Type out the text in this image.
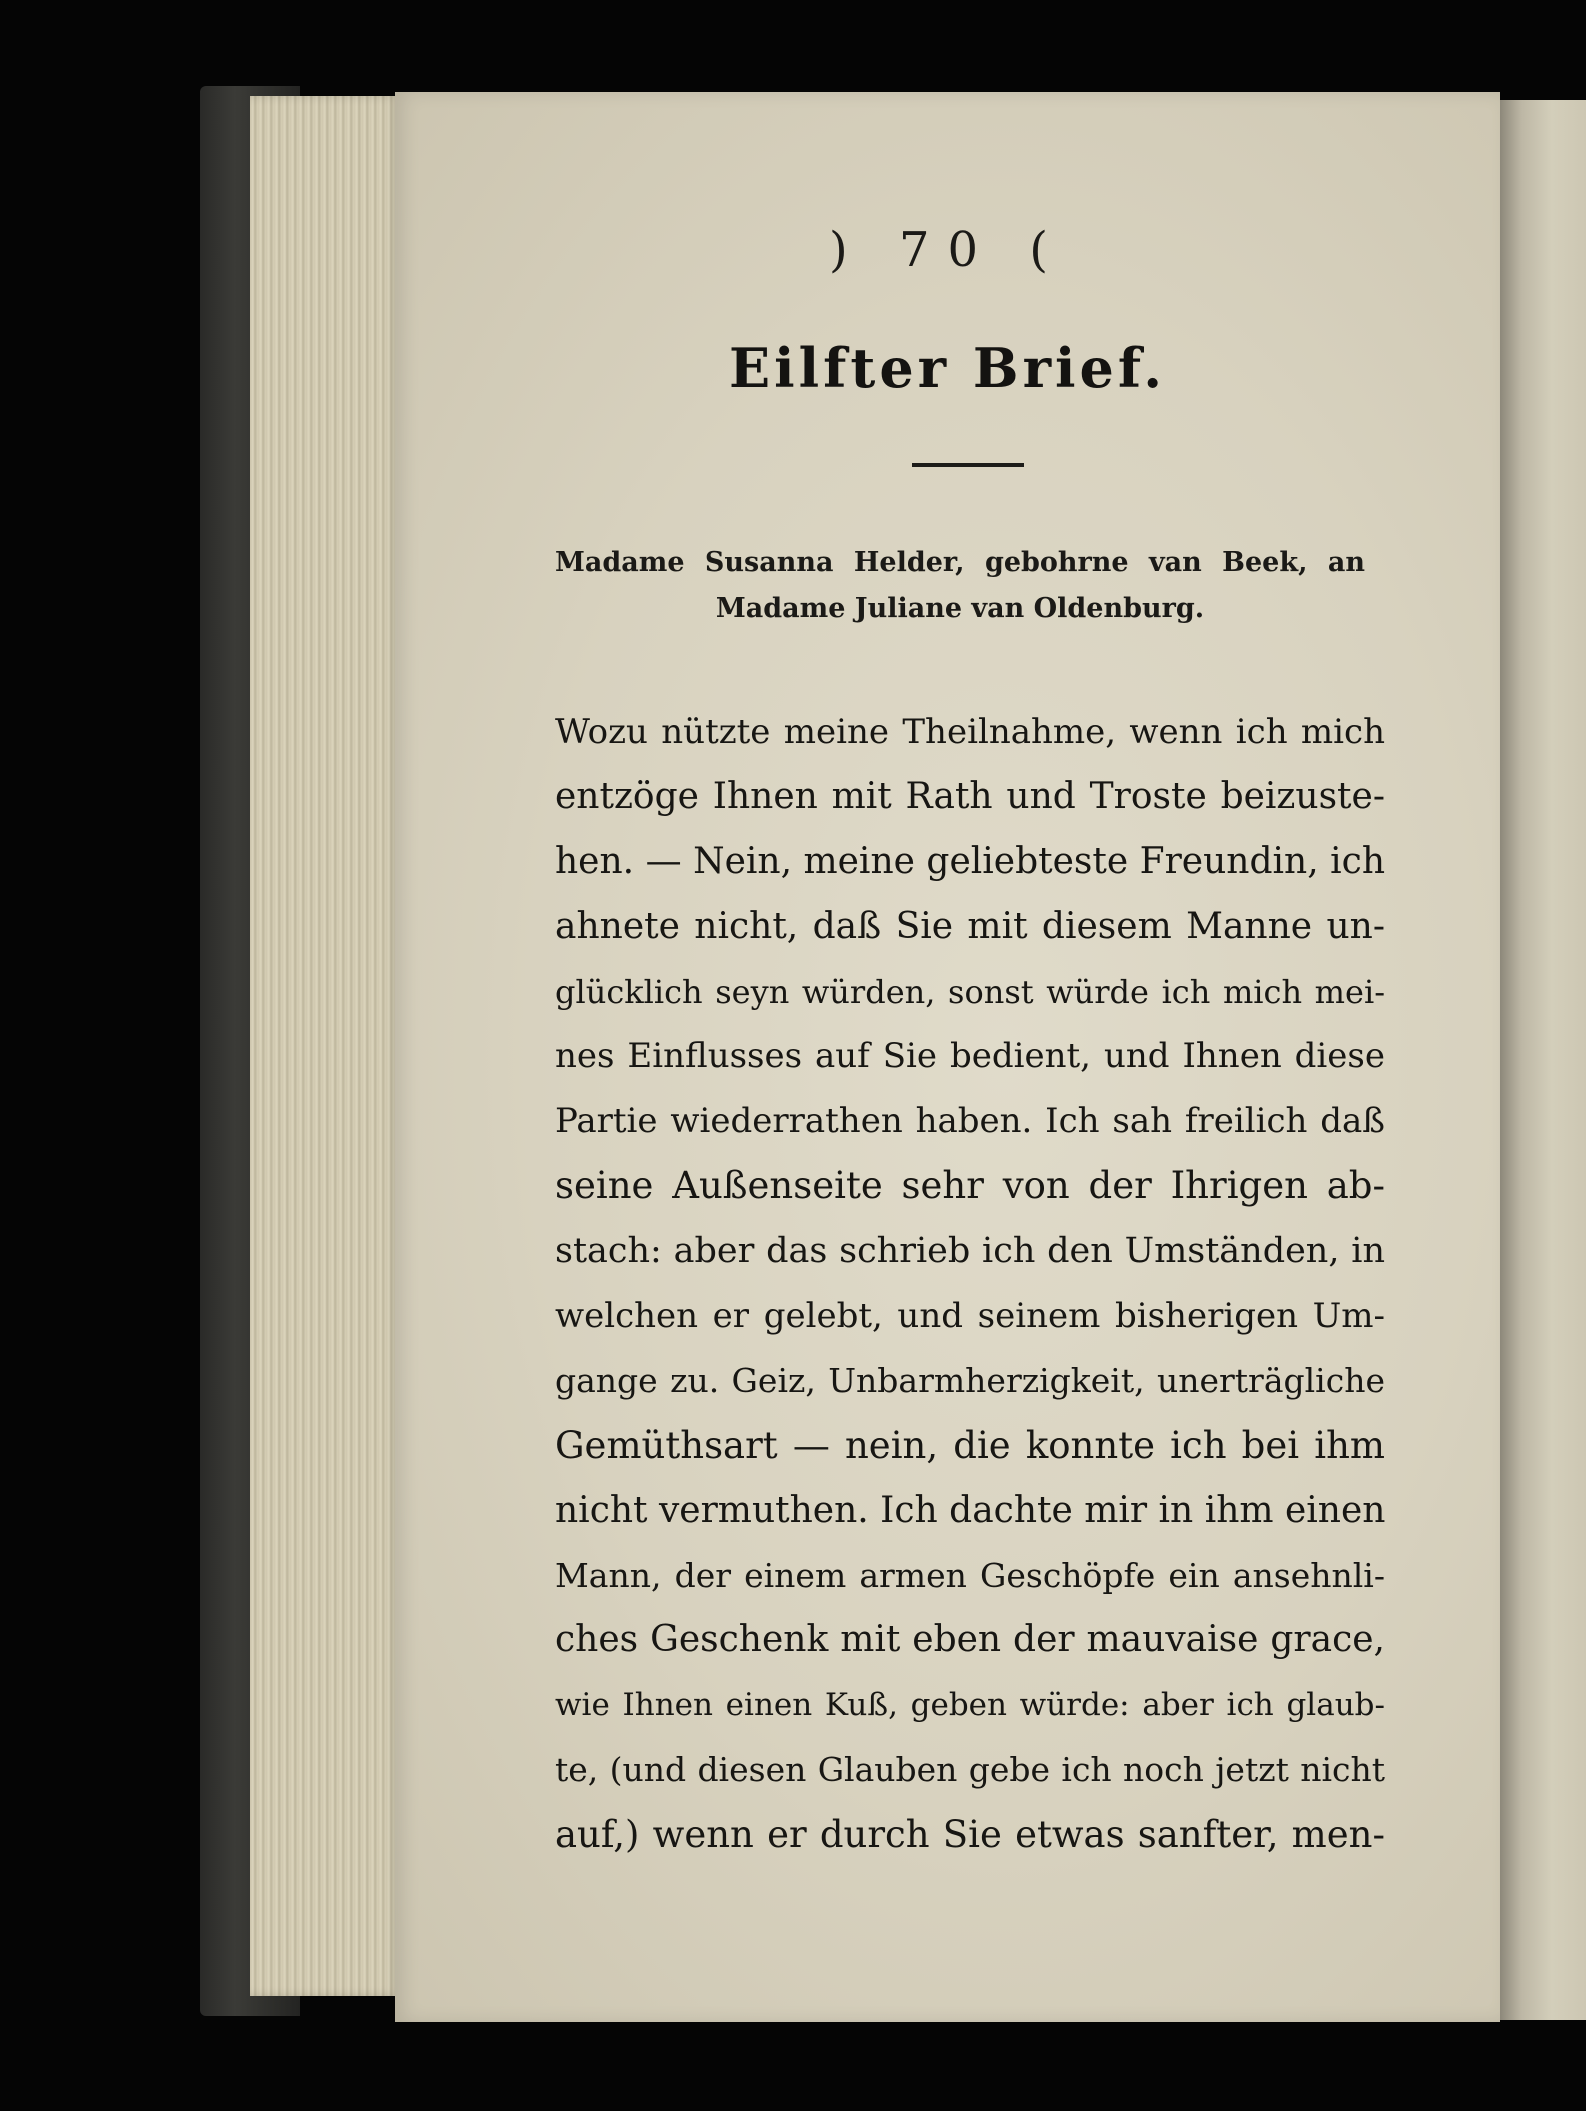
) 70 (
Eilfter Brief.
Madame Susanna Helder, gebohrne van Beek, an Madame Juliane van Oldenburg.
Wozu nützte meine Theilnahme, wenn ich mich
entzöge Ihnen mit Rath und Troste beizuste-
hen. — Nein, meine geliebteste Freundin, ich
ahnete nicht, daß Sie mit diesem Manne un-
glücklich seyn würden, sonst würde ich mich mei-
nes Einflusses auf Sie bedient, und Ihnen diese
Partie wiederrathen haben. Ich sah freilich daß
seine Außenseite sehr von der Ihrigen ab-
stach: aber das schrieb ich den Umständen, in
welchen er gelebt, und seinem bisherigen Um-
gange zu. Geiz, Unbarmherzigkeit, unerträgliche
Gemüthsart — nein, die konnte ich bei ihm
nicht vermuthen. Ich dachte mir in ihm einen
Mann, der einem armen Geschöpfe ein ansehnli-
ches Geschenk mit eben der mauvaise grace,
wie Ihnen einen Kuß, geben würde: aber ich glaub-
te, (und diesen Glauben gebe ich noch jetzt nicht
auf,) wenn er durch Sie etwas sanfter, men-
